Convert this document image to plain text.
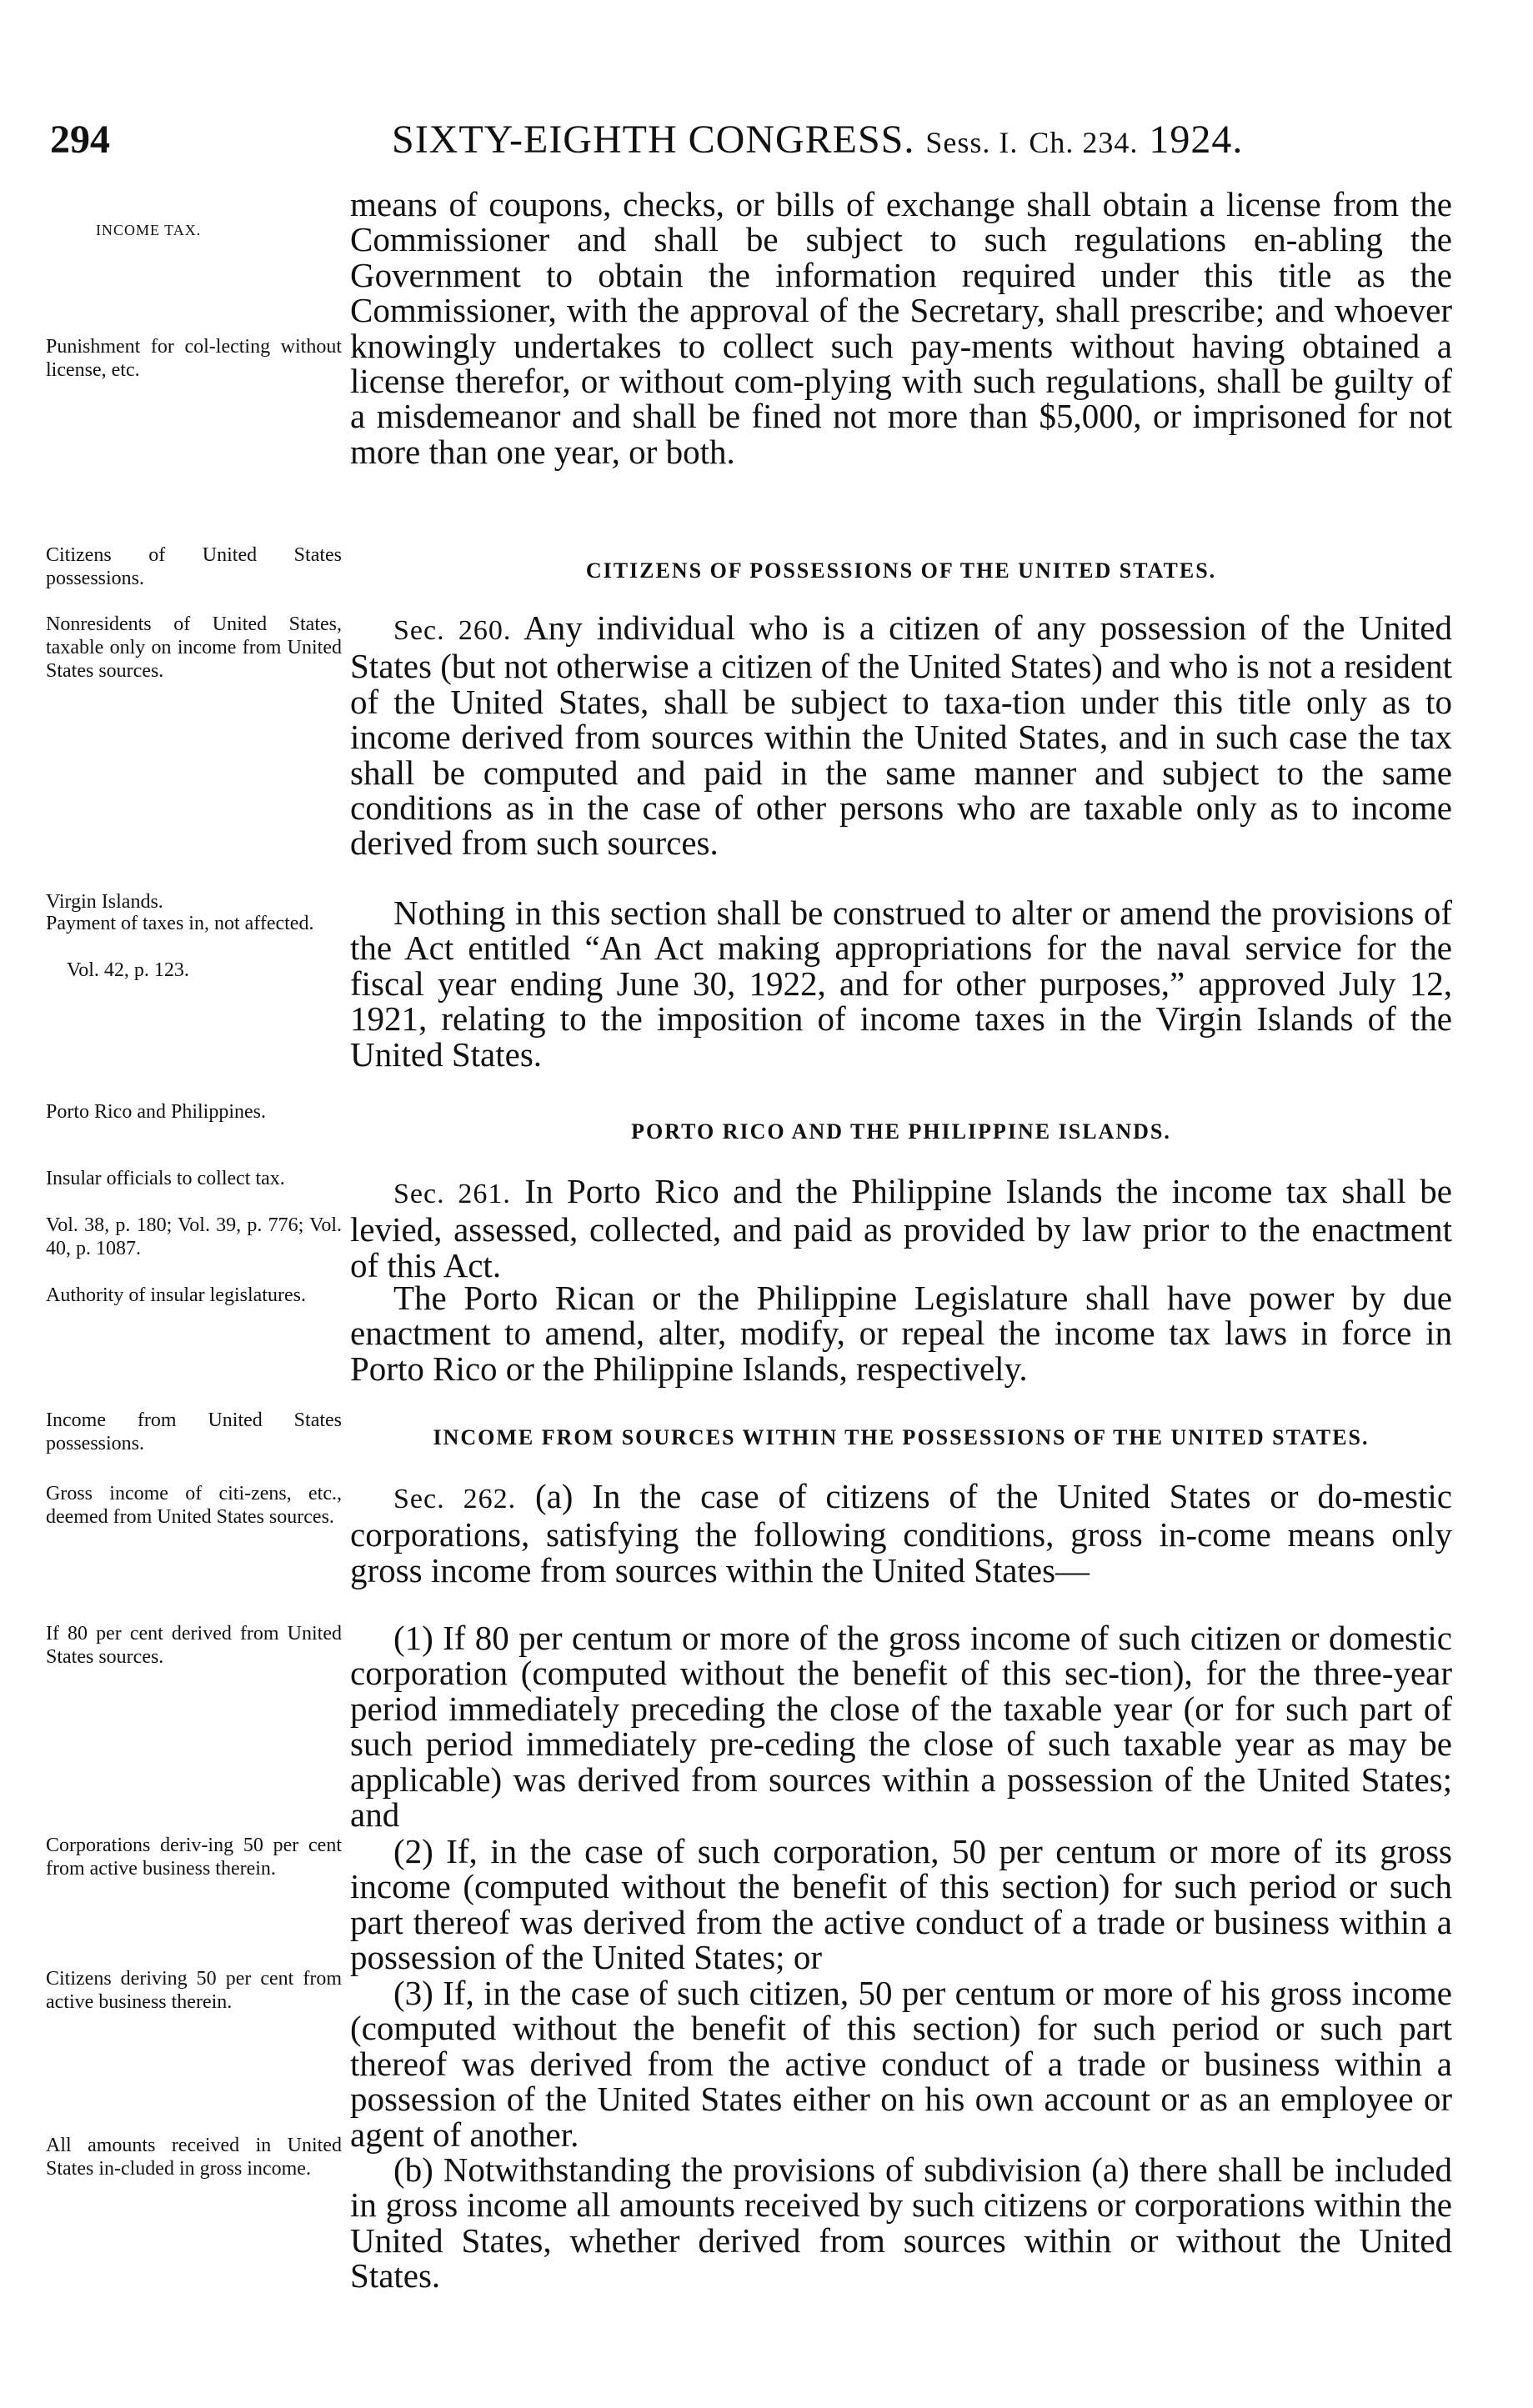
294	SIXTY-EIGHTH CONGRESS. Sess. I. Ch. 234. 1924.
INCOME TAX.
Punishment for col-lecting without license, etc.
Citizens of United States possessions.
Nonresidents of United States, taxable only on income from United States sources.
Virgin Islands.
Payment of taxes in, not affected.
Vol. 42, p. 123.
Porto Rico and Philippines.
Insular officials to collect tax.
Vol. 38, p. 180; Vol. 39, p. 776; Vol. 40, p. 1087.
Authority of insular legislatures.
Income from United States possessions.
Gross income of citi-zens, etc., deemed from United States sources.
If 80 per cent derived from United States sources.
Corporations deriv-ing 50 per cent from active business therein.
Citizens deriving 50 per cent from active business therein.
All amounts received in United States in-cluded in gross income.

means of coupons, checks, or bills of exchange shall obtain a license from the Commissioner and shall be subject to such regulations en-abling the Government to obtain the information required under this title as the Commissioner, with the approval of the Secretary, shall prescribe; and whoever knowingly undertakes to collect such pay-ments without having obtained a license therefor, or without com-plying with such regulations, shall be guilty of a misdemeanor and shall be fined not more than $5,000, or imprisoned for not more than one year, or both.

CITIZENS OF POSSESSIONS OF THE UNITED STATES.

Sec. 260. Any individual who is a citizen of any possession of the United States (but not otherwise a citizen of the United States) and who is not a resident of the United States, shall be subject to taxa-tion under this title only as to income derived from sources within the United States, and in such case the tax shall be computed and paid in the same manner and subject to the same conditions as in the case of other persons who are taxable only as to income derived from such sources.

Nothing in this section shall be construed to alter or amend the provisions of the Act entitled “An Act making appropriations for the naval service for the fiscal year ending June 30, 1922, and for other purposes,” approved July 12, 1921, relating to the imposition of income taxes in the Virgin Islands of the United States.

PORTO RICO AND THE PHILIPPINE ISLANDS.

Sec. 261. In Porto Rico and the Philippine Islands the income tax shall be levied, assessed, collected, and paid as provided by law prior to the enactment of this Act.

The Porto Rican or the Philippine Legislature shall have power by due enactment to amend, alter, modify, or repeal the income tax laws in force in Porto Rico or the Philippine Islands, respectively.

INCOME FROM SOURCES WITHIN THE POSSESSIONS OF THE UNITED STATES.

Sec. 262. (a) In the case of citizens of the United States or do-mestic corporations, satisfying the following conditions, gross in-come means only gross income from sources within the United States—

(1) If 80 per centum or more of the gross income of such citizen or domestic corporation (computed without the benefit of this sec-tion), for the three-year period immediately preceding the close of the taxable year (or for such part of such period immediately pre-ceding the close of such taxable year as may be applicable) was derived from sources within a possession of the United States; and

(2) If, in the case of such corporation, 50 per centum or more of its gross income (computed without the benefit of this section) for such period or such part thereof was derived from the active conduct of a trade or business within a possession of the United States; or

(3) If, in the case of such citizen, 50 per centum or more of his gross income (computed without the benefit of this section) for such period or such part thereof was derived from the active conduct of a trade or business within a possession of the United States either on his own account or as an employee or agent of another.

(b) Notwithstanding the provisions of subdivision (a) there shall be included in gross income all amounts received by such citizens or corporations within the United States, whether derived from sources within or without the United States.
